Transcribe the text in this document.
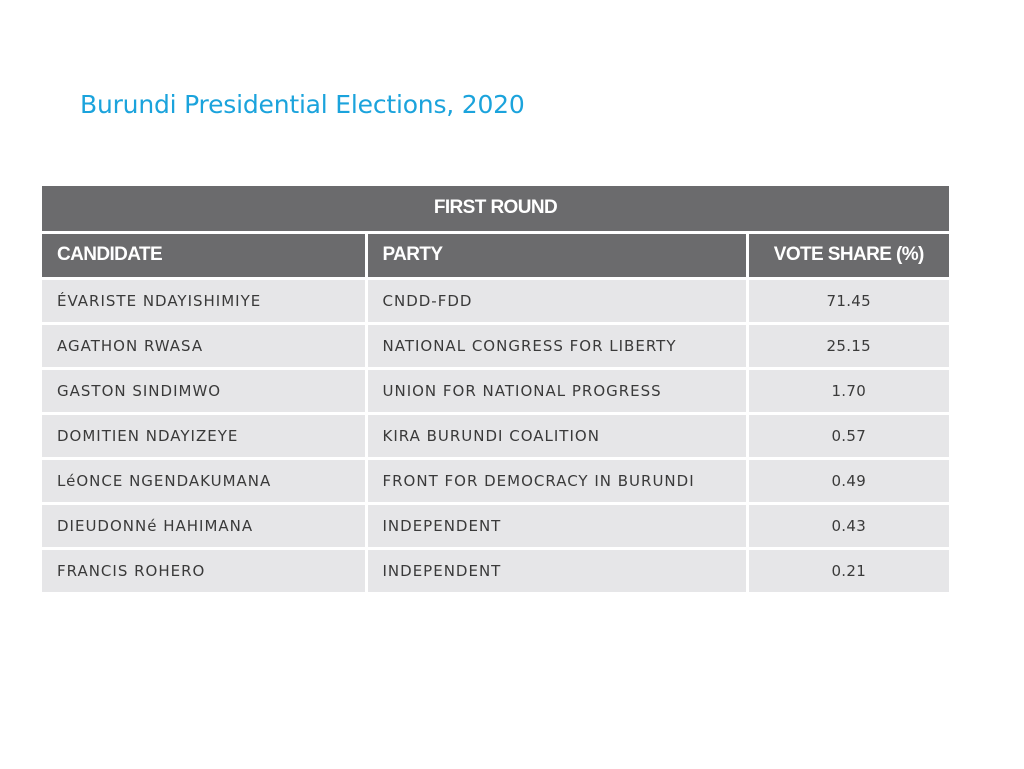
Burundi Presidential Elections, 2020
FIRST ROUND		
CANDIDATE	PARTY	VOTE SHARE (%)
ÉVARISTE NDAYISHIMIYE	CNDD-FDD	71.45
AGATHON RWASA	NATIONAL CONGRESS FOR LIBERTY	25.15
GASTON SINDIMWO	UNION FOR NATIONAL PROGRESS	1.70
DOMITIEN NDAYIZEYE	KIRA BURUNDI COALITION	0.57
LéONCE NGENDAKUMANA	FRONT FOR DEMOCRACY IN BURUNDI	0.49
DIEUDONNé HAHIMANA	INDEPENDENT	0.43
FRANCIS ROHERO	INDEPENDENT	0.21
